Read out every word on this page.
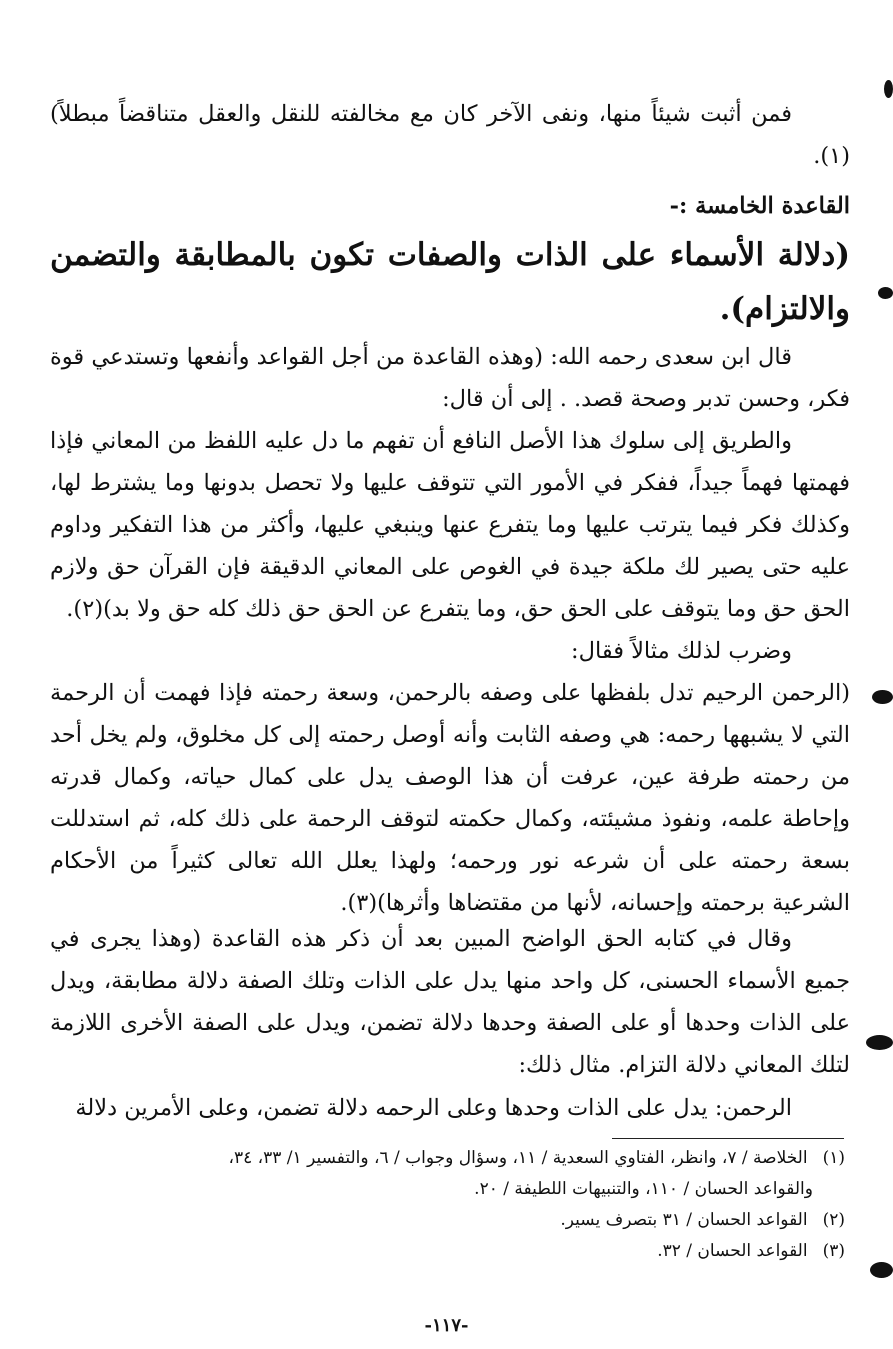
فمن أثبت شيئاً منها، ونفى الآخر كان مع مخالفته للنقل والعقل متناقضاً مبطلاً)(١).

القاعدة الخامسة :-

(دلالة الأسماء على الذات والصفات تكون بالمطابقة والتضمن والالتزام).

قال ابن سعدى رحمه الله: (وهذه القاعدة من أجل القواعد وأنفعها وتستدعي قوة فكر، وحسن تدبر وصحة قصد. . إلى أن قال:

والطريق إلى سلوك هذا الأصل النافع أن تفهم ما دل عليه اللفظ من المعاني فإذا فهمتها فهماً جيداً، ففكر في الأمور التي تتوقف عليها ولا تحصل بدونها وما يشترط لها، وكذلك فكر فيما يترتب عليها وما يتفرع عنها وينبغي عليها، وأكثر من هذا التفكير وداوم عليه حتى يصير لك ملكة جيدة في الغوص على المعاني الدقيقة فإن القرآن حق ولازم الحق حق وما يتوقف على الحق حق، وما يتفرع عن الحق حق ذلك كله حق ولا بد)(٢).

وضرب لذلك مثالاً فقال:

(الرحمن الرحيم تدل بلفظها على وصفه بالرحمن، وسعة رحمته فإذا فهمت أن الرحمة التي لا يشبهها رحمه: هي وصفه الثابت وأنه أوصل رحمته إلى كل مخلوق، ولم يخل أحد من رحمته طرفة عين، عرفت أن هذا الوصف يدل على كمال حياته، وكمال قدرته وإحاطة علمه، ونفوذ مشيئته، وكمال حكمته لتوقف الرحمة على ذلك كله، ثم استدللت بسعة رحمته على أن شرعه نور ورحمه؛ ولهذا يعلل الله تعالى كثيراً من الأحكام الشرعية برحمته وإحسانه، لأنها من مقتضاها وأثرها)(٣).

وقال في كتابه الحق الواضح المبين بعد أن ذكر هذه القاعدة (وهذا يجرى في جميع الأسماء الحسنى، كل واحد منها يدل على الذات وتلك الصفة دلالة مطابقة، ويدل على الذات وحدها أو على الصفة وحدها دلالة تضمن، ويدل على الصفة الأخرى اللازمة لتلك المعاني دلالة التزام. مثال ذلك:

الرحمن: يدل على الذات وحدها وعلى الرحمه دلالة تضمن، وعلى الأمرين دلالة

(١) الخلاصة / ٧، وانظر، الفتاوي السعدية / ١١، وسؤال وجواب / ٦، والتفسير ١/ ٣٣، ٣٤،

والقواعد الحسان / ١١٠، والتنبيهات اللطيفة / ٢٠.

(٢) القواعد الحسان / ٣١ بتصرف يسير.

(٣) القواعد الحسان / ٣٢.

-١١٧-
